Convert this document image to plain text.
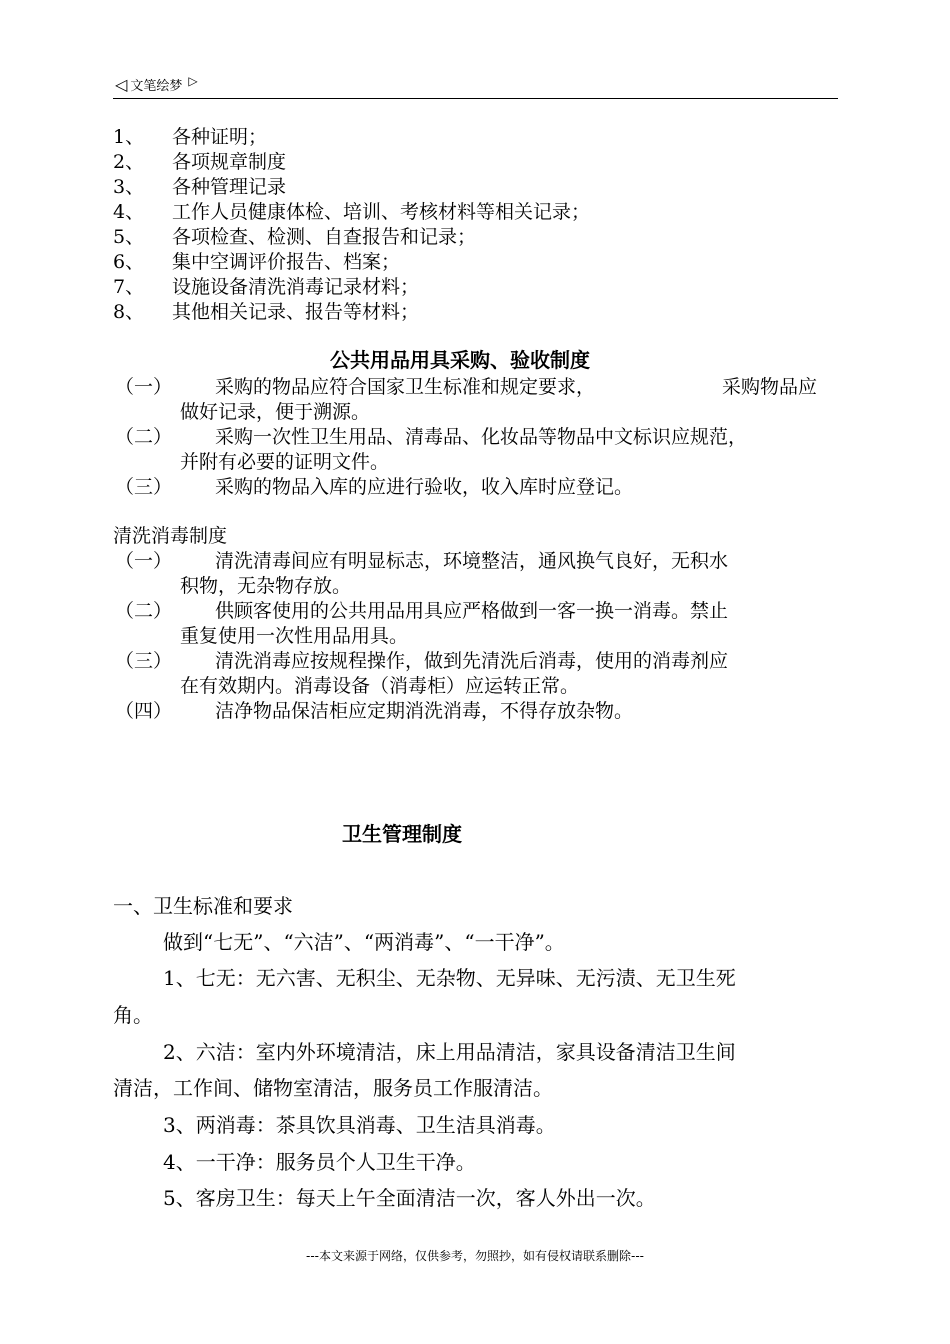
◁ 文笔绘梦 ▷
1、 各种证明；
2、 各项规章制度
3、 各种管理记录
4、 工作人员健康体检、培训、考核材料等相关记录；
5、 各项检查、检测、自查报告和记录；
6、 集中空调评价报告、档案；
7、 设施设备清洗消毒记录材料；
8、 其他相关记录、报告等材料；
公共用品用具采购、验收制度
（一） 采购的物品应符合国家卫生标准和规定要求，	采购物品应
做好记录，便于溯源。
（二） 采购一次性卫生用品、清毒品、化妆品等物品中文标识应规范，
并附有必要的证明文件。
（三） 采购的物品入库的应进行验收，收入库时应登记。
清洗消毒制度
（一） 清洗清毒间应有明显标志，环境整洁，通风换气良好，无积水
积物，无杂物存放。
（二） 供顾客使用的公共用品用具应严格做到一客一换一消毒。禁止
重复使用一次性用品用具。
（三） 清洗消毒应按规程操作，做到先清洗后消毒，使用的消毒剂应
在有效期内。消毒设备（消毒柜）应运转正常。
（四） 洁净物品保洁柜应定期消洗消毒，不得存放杂物。
卫生管理制度
一、卫生标准和要求
做到“七无”、“六洁”、“两消毒”、“一干净”。
1、七无：无六害、无积尘、无杂物、无异味、无污渍、无卫生死
角。
2、六洁：室内外环境清洁，床上用品清洁，家具设备清洁卫生间
清洁，工作间、储物室清洁，服务员工作服清洁。
3、两消毒：茶具饮具消毒、卫生洁具消毒。
4、一干净：服务员个人卫生干净。
5、客房卫生：每天上午全面清洁一次，客人外出一次。
---本文来源于网络，仅供参考，勿照抄，如有侵权请联系删除---
